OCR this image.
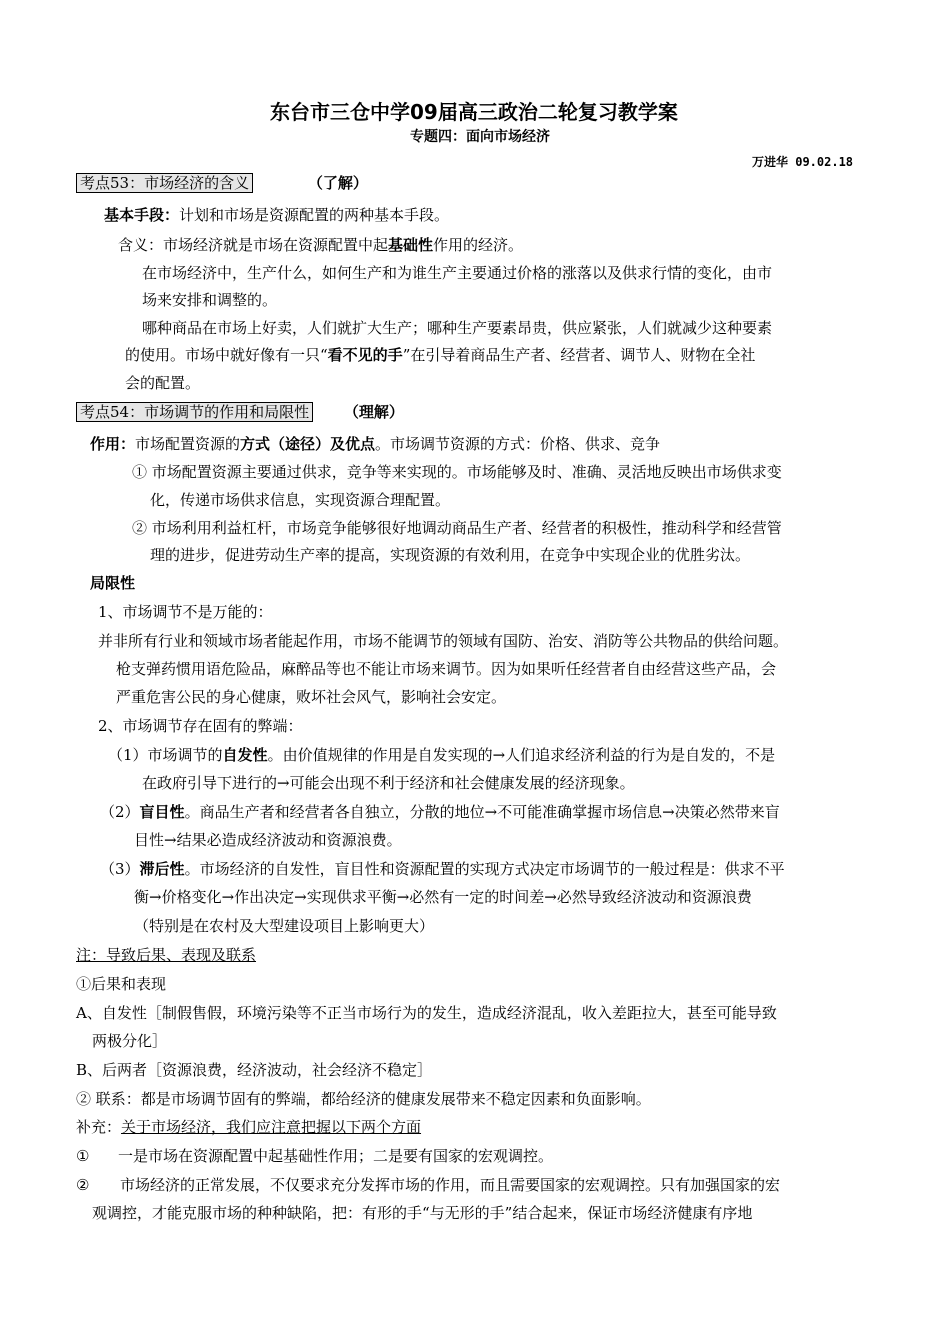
东台市三仓中学09届高三政治二轮复习教学案
专题四：面向市场经济
万进华 09.02.18
考点53：市场经济的含义	（了解）
基本手段：计划和市场是资源配置的两种基本手段。
含义：市场经济就是市场在资源配置中起基础性作用的经济。
在市场经济中，生产什么，如何生产和为谁生产主要通过价格的涨落以及供求行情的变化，由市
场来安排和调整的。
哪种商品在市场上好卖，人们就扩大生产；哪种生产要素昂贵，供应紧张，人们就减少这种要素
的使用。市场中就好像有一只“看不见的手”在引导着商品生产者、经营者、调节人、财物在全社
会的配置。
考点54：市场调节的作用和局限性 （理解）
作用：市场配置资源的方式（途径）及优点。市场调节资源的方式：价格、供求、竞争
① 市场配置资源主要通过供求，竞争等来实现的。市场能够及时、准确、灵活地反映出市场供求变
化，传递市场供求信息，实现资源合理配置。
② 市场利用利益杠杆，市场竞争能够很好地调动商品生产者、经营者的积极性，推动科学和经营管
理的进步，促进劳动生产率的提高，实现资源的有效利用，在竞争中实现企业的优胜劣汰。
局限性
1、市场调节不是万能的：
并非所有行业和领域市场者能起作用，市场不能调节的领域有国防、治安、消防等公共物品的供给问题。
枪支弹药惯用语危险品，麻醉品等也不能让市场来调节。因为如果听任经营者自由经营这些产品，会
严重危害公民的身心健康，败坏社会风气，影响社会安定。
2、市场调节存在固有的弊端：
（1）市场调节的自发性。由价值规律的作用是自发实现的→人们追求经济利益的行为是自发的，不是
在政府引导下进行的→可能会出现不利于经济和社会健康发展的经济现象。
（2）盲目性。商品生产者和经营者各自独立，分散的地位→不可能准确掌握市场信息→决策必然带来盲
目性→结果必造成经济波动和资源浪费。
（3）滞后性。市场经济的自发性，盲目性和资源配置的实现方式决定市场调节的一般过程是：供求不平
衡→价格变化→作出决定→实现供求平衡→必然有一定的时间差→必然导致经济波动和资源浪费
（特别是在农村及大型建设项目上影响更大）
注：导致后果、表现及联系
①后果和表现
A、自发性［制假售假，环境污染等不正当市场行为的发生，造成经济混乱，收入差距拉大，甚至可能导致
两极分化］
B、后两者［资源浪费，经济波动，社会经济不稳定］
② 联系：都是市场调节固有的弊端，都给经济的健康发展带来不稳定因素和负面影响。
补充：关于市场经济，我们应注意把握以下两个方面
① 一是市场在资源配置中起基础性作用；二是要有国家的宏观调控。
② 市场经济的正常发展，不仅要求充分发挥市场的作用，而且需要国家的宏观调控。只有加强国家的宏
观调控，才能克服市场的种种缺陷，把：有形的手“与无形的手”结合起来，保证市场经济健康有序地
